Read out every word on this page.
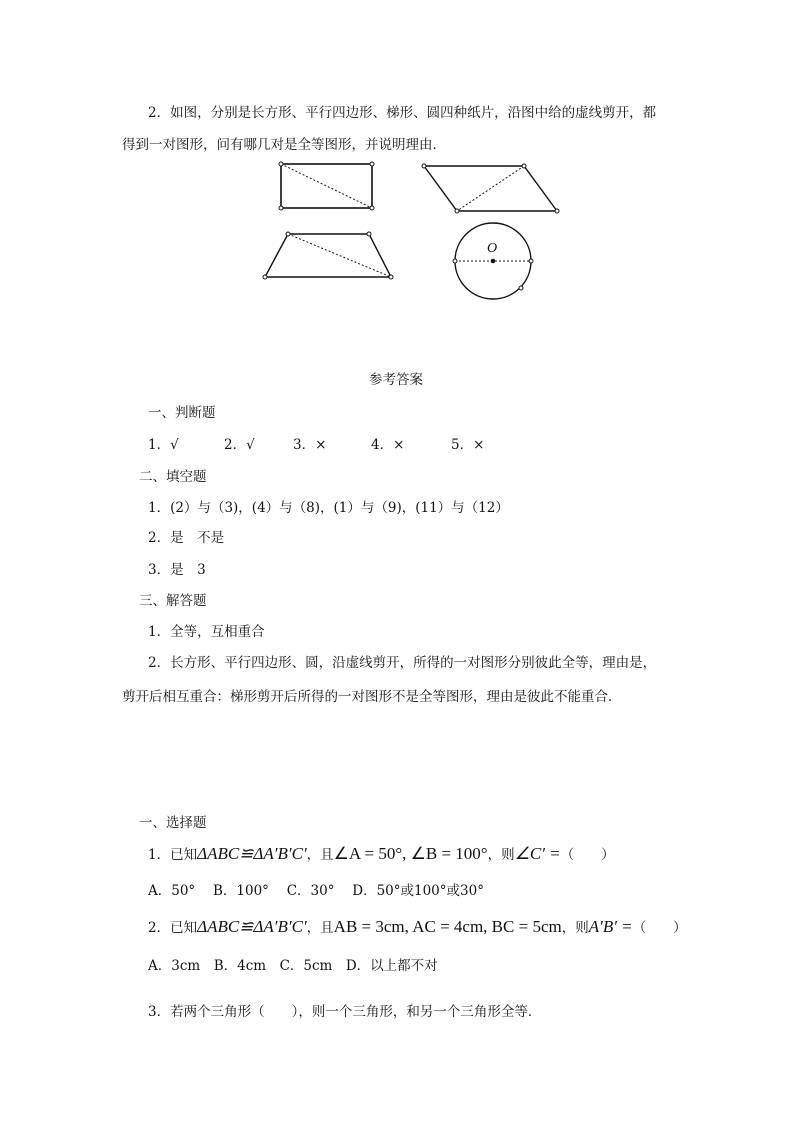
2．如图，分别是长方形、平行四边形、梯形、圆四种纸片，沿图中给的虚线剪开，都
得到一对图形，问有哪几对是全等图形，并说明理由．
O
参考答案
一、判断题
1．√	2．√	3．×	4．×	5．×
二、填空题
1．(2）与（3)，(4）与（8)，(1）与（9)，(11）与（12）
2．是　不是
3．是　3
三、解答题
1．全等，互相重合
2．长方形、平行四边形、圆，沿虚线剪开，所得的一对图形分别彼此全等，理由是，
剪开后相互重合：梯形剪开后所得的一对图形不是全等图形，理由是彼此不能重合．
一、选择题
1．已知ΔABC≌ΔA′B′C′，且∠A = 50°, ∠B = 100°，则∠C′ =（　　）
A．50°　 B．100°　 C．30°　 D．50°或100°或30°
2．已知ΔABC≌ΔA′B′C′，且AB = 3cm, AC = 4cm, BC = 5cm，则A′B′ =（　　）
A．3cm　B．4cm　C．5cm　D．以上都不对
3．若两个三角形（　　），则一个三角形，和另一个三角形全等．
